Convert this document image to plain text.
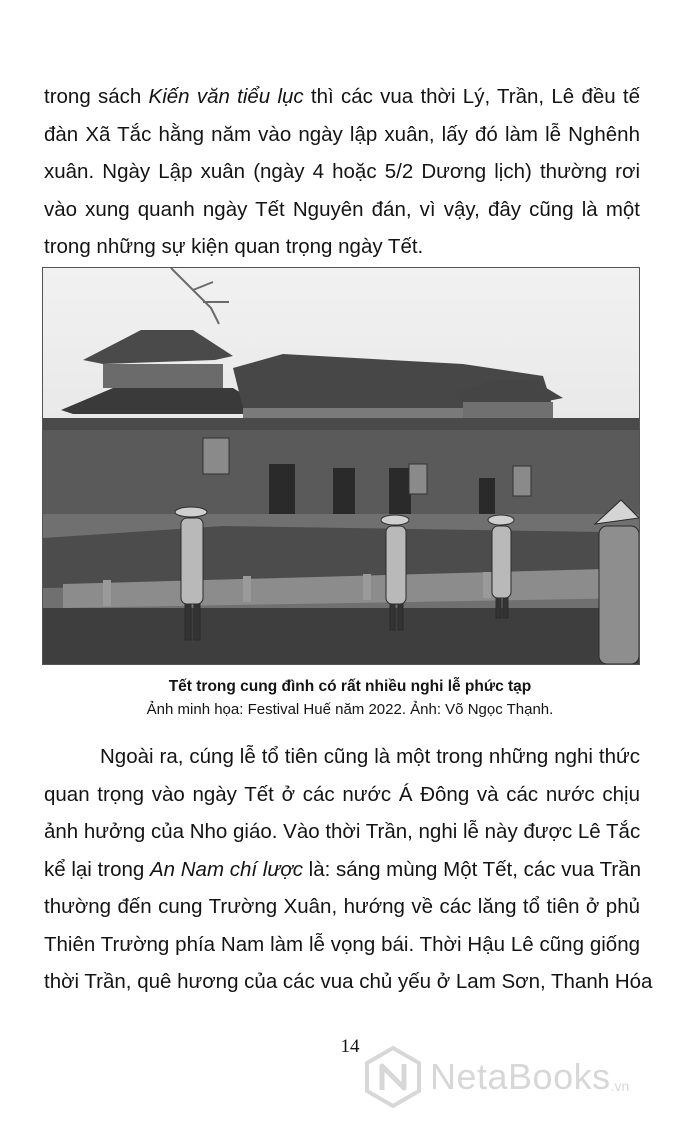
trong sách Kiến văn tiểu lục thì các vua thời Lý, Trần, Lê đều tế
đàn Xã Tắc hằng năm vào ngày lập xuân, lấy đó làm lễ Nghênh
xuân. Ngày Lập xuân (ngày 4 hoặc 5/2 Dương lịch) thường rơi
vào xung quanh ngày Tết Nguyên đán, vì vậy, đây cũng là một
trong những sự kiện quan trọng ngày Tết.
Tết trong cung đình có rất nhiều nghi lễ phức tạp
Ảnh minh họa: Festival Huế năm 2022. Ảnh: Võ Ngọc Thạnh.
Ngoài ra, cúng lễ tổ tiên cũng là một trong những nghi thức
quan trọng vào ngày Tết ở các nước Á Đông và các nước chịu
ảnh hưởng của Nho giáo. Vào thời Trần, nghi lễ này được Lê Tắc
kể lại trong An Nam chí lược là: sáng mùng Một Tết, các vua Trần
thường đến cung Trường Xuân, hướng về các lăng tổ tiên ở phủ
Thiên Trường phía Nam làm lễ vọng bái. Thời Hậu Lê cũng giống
thời Trần, quê hương của các vua chủ yếu ở Lam Sơn, Thanh Hóa
14
NetaBooks .vn
